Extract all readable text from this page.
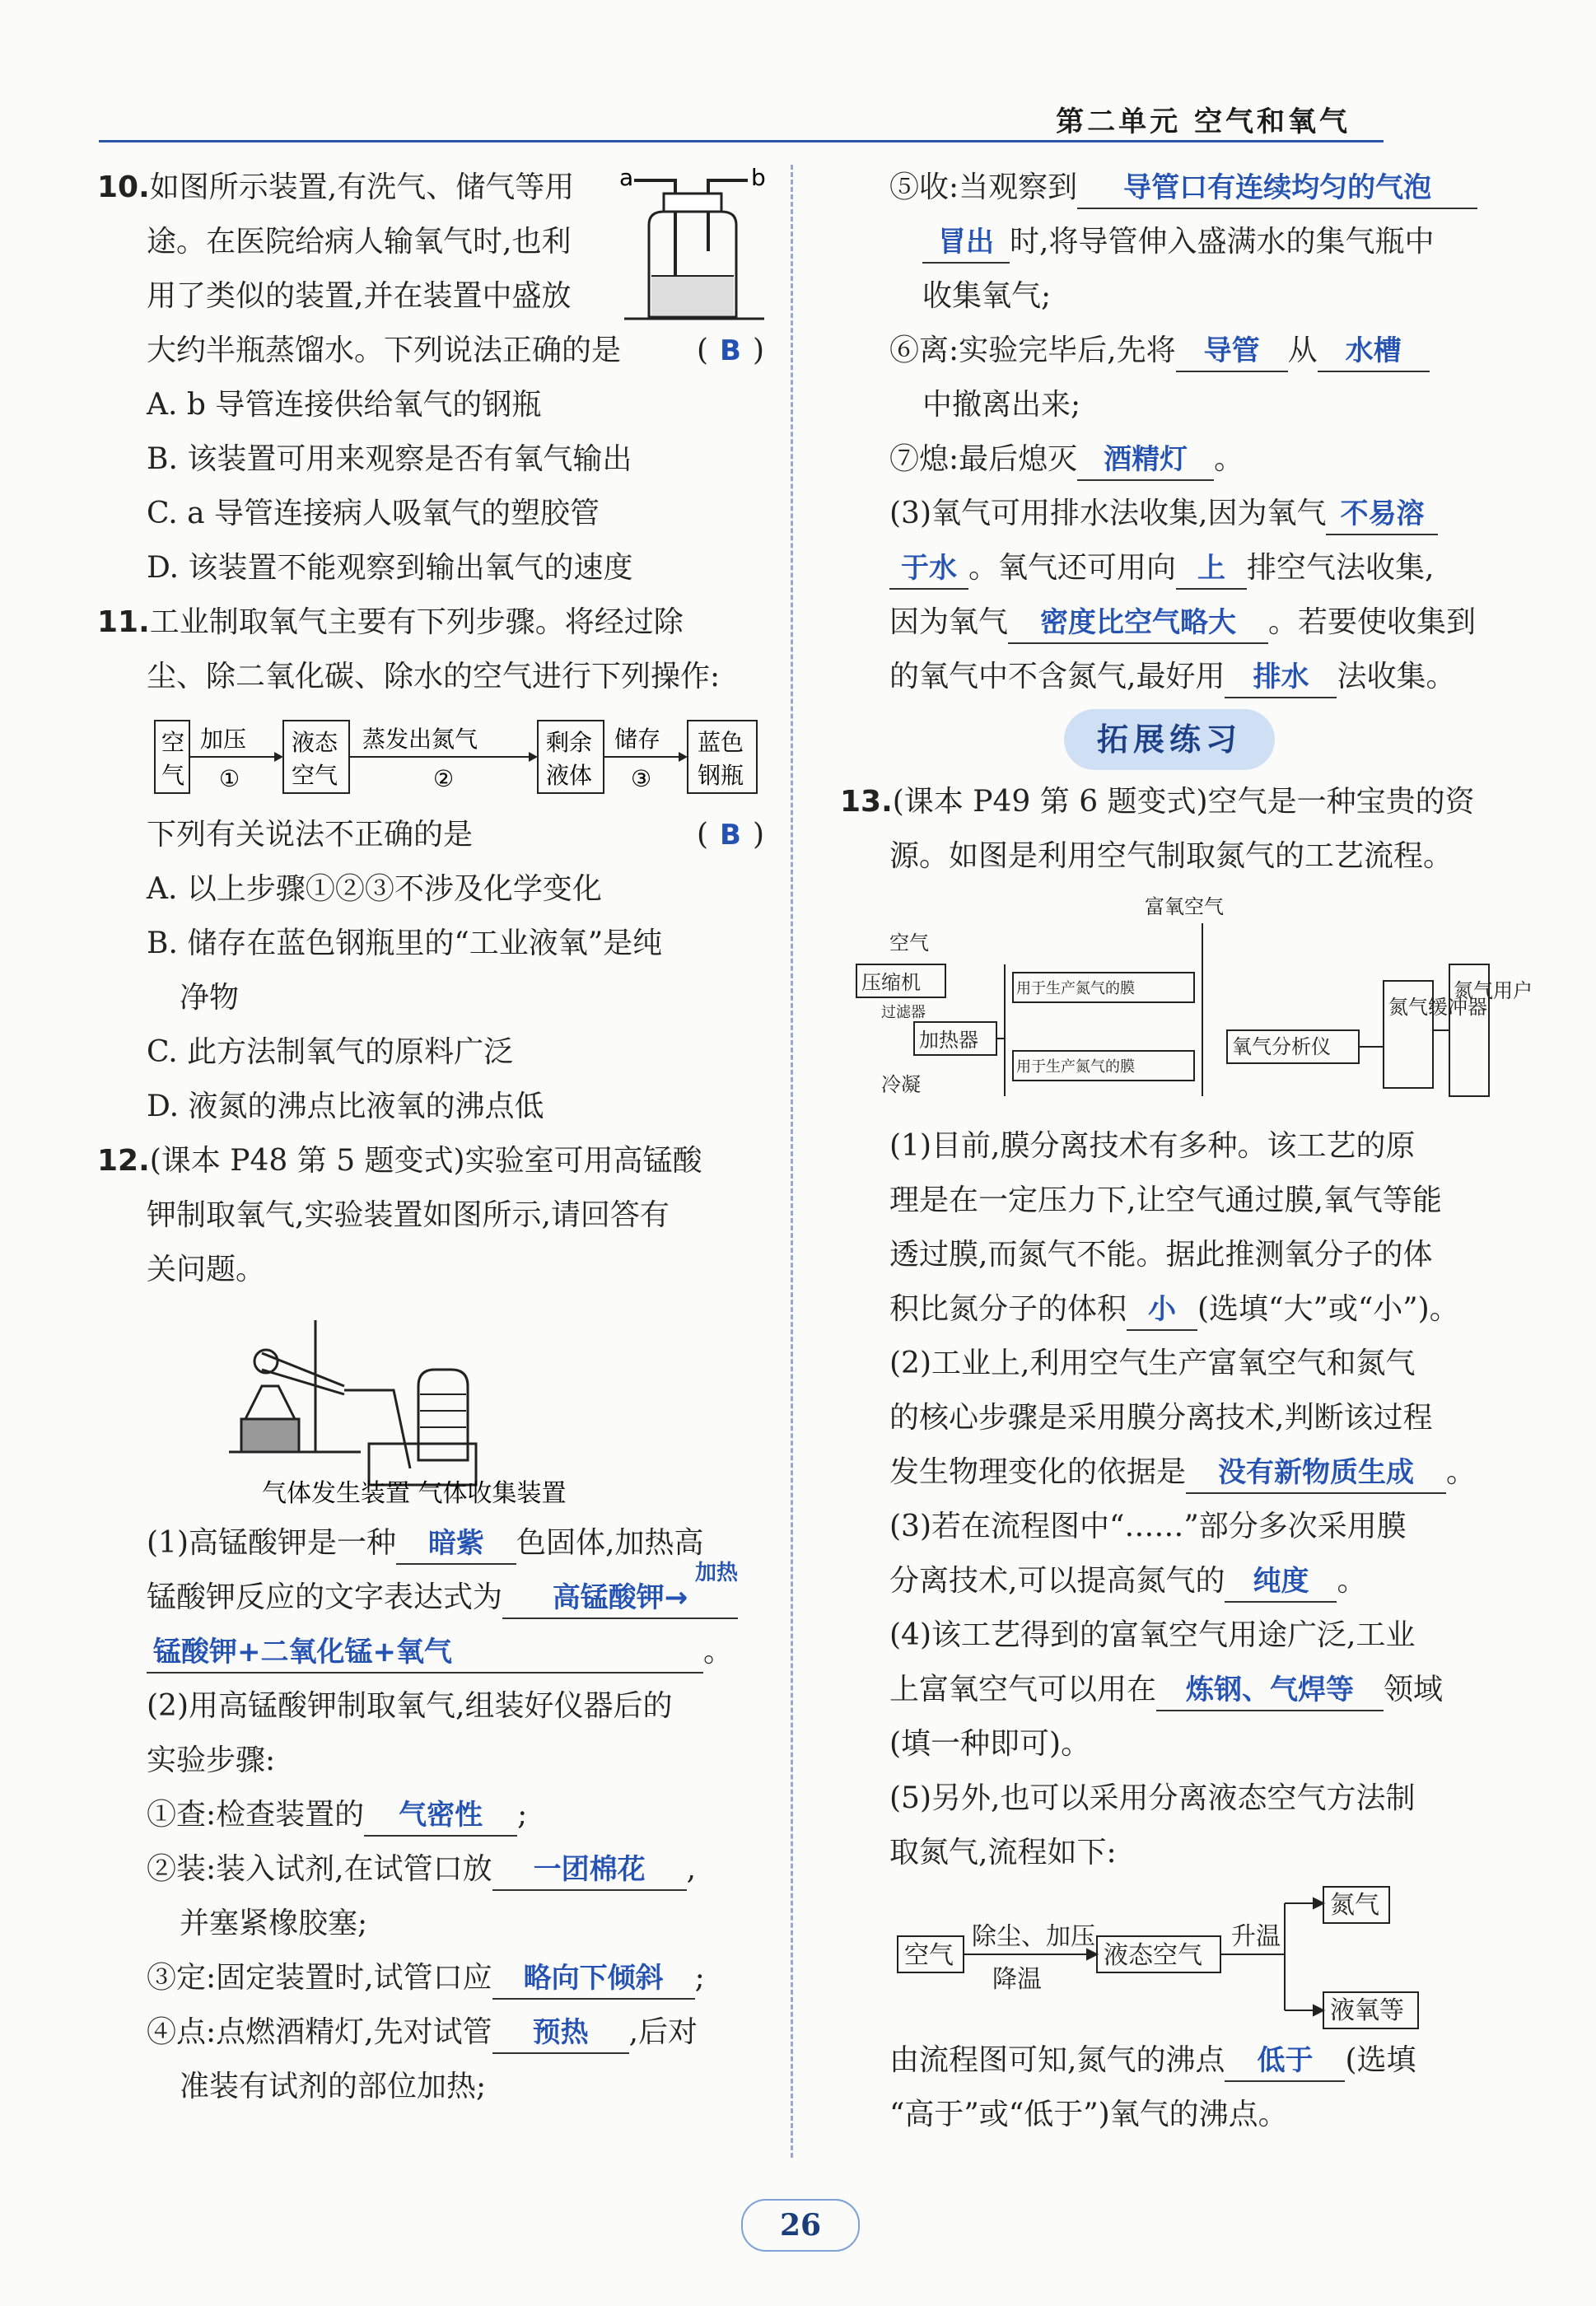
第二单元 空气和氧气
a	b

10.如图所示装置,有洗气、储气等用

途。在医院给病人输氧气时,也利

用了类似的装置,并在装置中盛放

大约半瓶蒸馏水。下列说法正确的是	( B )

A. b 导管连接供给氧气的钢瓶

B. 该装置可用来观察是否有氧气输出

C. a 导管连接病人吸氧气的塑胶管

D. 该装置不能观察到输出氧气的速度

11.工业制取氧气主要有下列步骤。将经过除

尘、除二氧化碳、除水的空气进行下列操作:

空
气
加压
①
液态
空气
蒸发出氮气
②
剩余
液体
储存
③
蓝色
钢瓶

下列有关说法不正确的是	( B )

A. 以上步骤①②③不涉及化学变化

B. 储存在蓝色钢瓶里的“工业液氧”是纯

净物

C. 此方法制氧气的原料广泛

D. 液氮的沸点比液氧的沸点低

12.(课本 P48 第 5 题变式)实验室可用高锰酸

钾制取氧气,实验装置如图所示,请回答有

关问题。

气体发生装置 气体收集装置

(1)高锰酸钾是一种 暗紫 色固体,加热高

锰酸钾反应的文字表达式为 高锰酸钾
加热
→

锰酸钾+二氧化锰+氧气	。

(2)用高锰酸钾制取氧气,组装好仪器后的

实验步骤:

①查:检查装置的 气密性 ;

②装:装入试剂,在试管口放 一团棉花 ,

并塞紧橡胶塞;

③定:固定装置时,试管口应 略向下倾斜 ;

④点:点燃酒精灯,先对试管 预热 ,后对

准装有试剂的部位加热;

⑤收:当观察到 导管口有连续均匀的气泡

冒出 时,将导管伸入盛满水的集气瓶中

收集氧气;

⑥离:实验完毕后,先将 导管 从 水槽

中撤离出来;

⑦熄:最后熄灭 酒精灯 。

(3)氧气可用排水法收集,因为氧气 不易溶

于水 。氧气还可用向 上 排空气法收集,

因为氧气 密度比空气略大 。若要使收集到

的氧气中不含氮气,最好用 排水 法收集。

拓展练习

13.(课本 P49 第 6 题变式)空气是一种宝贵的资

源。如图是利用空气制取氮气的工艺流程。

富氧空气
空气
压缩机
过滤器
加热器
冷凝
用于生产氮气的膜
用于生产氮气的膜
氧气分析仪
氮气缓冲器
氮气用户

(1)目前,膜分离技术有多种。该工艺的原

理是在一定压力下,让空气通过膜,氧气等能

透过膜,而氮气不能。据此推测氧分子的体

积比氮分子的体积 小 (选填“大”或“小”)。

(2)工业上,利用空气生产富氧空气和氮气

的核心步骤是采用膜分离技术,判断该过程

发生物理变化的依据是 没有新物质生成 。

(3)若在流程图中“……”部分多次采用膜

分离技术,可以提高氮气的 纯度 。

(4)该工艺得到的富氧空气用途广泛,工业

上富氧空气可以用在 炼钢、气焊等 领域

(填一种即可)。

(5)另外,也可以采用分离液态空气方法制

取氮气,流程如下:

空气
除尘、加压
降温
液态空气
升温
氮气
液氧等

由流程图可知,氮气的沸点 低于 (选填

“高于”或“低于”)氧气的沸点。

26
